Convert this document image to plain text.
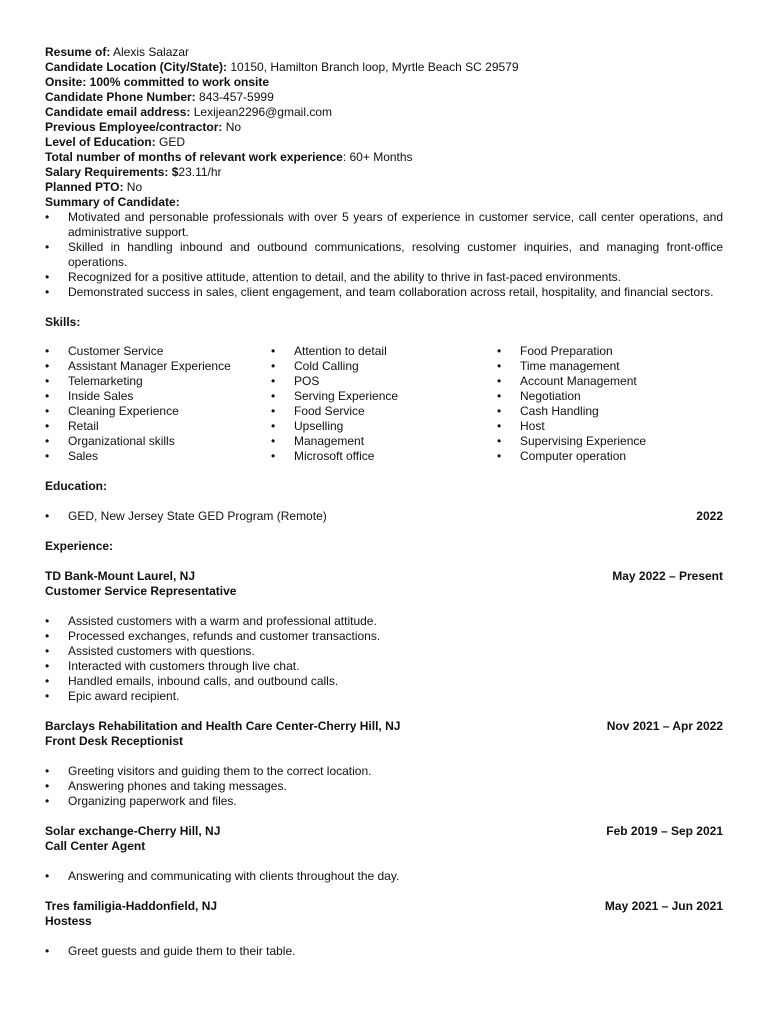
Resume of: Alexis Salazar
Candidate Location (City/State): 10150, Hamilton Branch loop, Myrtle Beach SC 29579
Onsite: 100% committed to work onsite
Candidate Phone Number: 843-457-5999
Candidate email address: Lexijean2296@gmail.com
Previous Employee/contractor: No
Level of Education: GED
Total number of months of relevant work experience: 60+ Months
Salary Requirements: $23.11/hr
Planned PTO: No
Summary of Candidate:
• Motivated and personable professionals with over 5 years of experience in customer service, call center operations, and administrative support.
• Skilled in handling inbound and outbound communications, resolving customer inquiries, and managing front-office operations.
• Recognized for a positive attitude, attention to detail, and the ability to thrive in fast-paced environments.
• Demonstrated success in sales, client engagement, and team collaboration across retail, hospitality, and financial sectors.
Skills:
• Customer Service
• Assistant Manager Experience
• Telemarketing
• Inside Sales
• Cleaning Experience
• Retail
• Organizational skills
• Sales
• Attention to detail
• Cold Calling
• POS
• Serving Experience
• Food Service
• Upselling
• Management
• Microsoft office
• Food Preparation
• Time management
• Account Management
• Negotiation
• Cash Handling
• Host
• Supervising Experience
• Computer operation
Education:
• GED, New Jersey State GED Program (Remote)	2022
Experience:
TD Bank-Mount Laurel, NJ	May 2022 – Present
Customer Service Representative
• Assisted customers with a warm and professional attitude.
• Processed exchanges, refunds and customer transactions.
• Assisted customers with questions.
• Interacted with customers through live chat.
• Handled emails, inbound calls, and outbound calls.
• Epic award recipient.
Barclays Rehabilitation and Health Care Center-Cherry Hill, NJ	Nov 2021 – Apr 2022
Front Desk Receptionist
• Greeting visitors and guiding them to the correct location.
• Answering phones and taking messages.
• Organizing paperwork and files.
Solar exchange-Cherry Hill, NJ	Feb 2019 – Sep 2021
Call Center Agent
• Answering and communicating with clients throughout the day.
Tres familigia-Haddonfield, NJ	May 2021 – Jun 2021
Hostess
• Greet guests and guide them to their table.
